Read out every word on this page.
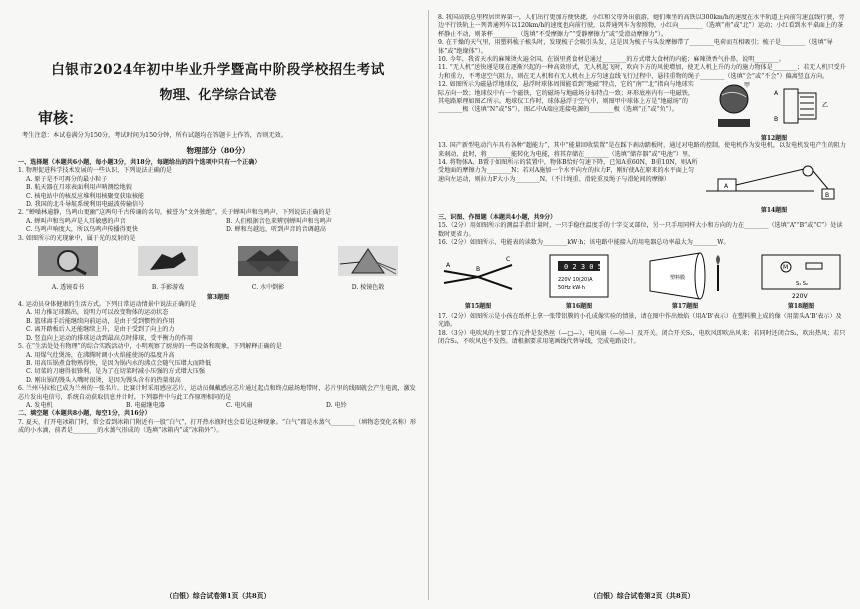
白银市2024年初中毕业升学暨高中阶段学校招生考试
物理、化学综合试卷
审核：
考生注意：本试卷满分为150分，考试时间为150分钟，所有试题均在答题卡上作答，否则无效。
物理部分（80分）

一、选择题（本题共6小题，每小题3分，共18分，每题给出的四个选项中只有一个正确）

1. 物理促进科学技术发展的一些认识，下列说法正确的是

A. 原子是不可再分的最小粒子

B. 航天器在月球表面利用声呐测绘地貌

C. 核电站中的核反应堆利用核聚变获取核能

D. 我国的北斗导航系统利用电磁波传输信号

2. “蝉噪林逾静，鸟鸣山更幽”这两句千古传诵的名句，被誉为“文外独绝”。关于蝉叫声和鸟鸣声，下列说法正确的是

A. 蝉叫声和鸟鸣声是人耳敏感的声音	B. 人们根据音色来辨别蝉叫声和鸟鸣声
C. 鸟鸣声响度大，所以鸟鸣声传播得更快	D. 蝉和鸟越远，听到声音的音调越高

3. 如图所示的光现象中，属于光的反射的是

A. 透镜看书	B. 手影游戏	C. 水中倒影	D. 棱镜色散
第3题图

4. 运动员身体健康的生活方式。下列日常运动情景中说法正确的是

A. 用力推足球踢出，说明力可以改变物体的运动状态

B. 篮球离手后能继续向前运动，是由于受到惯性的作用

C. 离开踏板后人还能继续上升，是由于受到了向上的力

D. 竖直向上运动的排球运动到最高点时排球，受平衡力的作用

5. 在“生活处处有物理”的综合实践活动中，小明观察了厨房的一些设备和现象，下列解释正确的是

A. 用煤气灶煲汤，在沸腾时调小火焰能使汤的温度升高

B. 用高压锅煮食物熟得快，是因为锅内水的沸点会随气压增大而降低

C. 切菜的刀磨得很锋利，是为了在切菜时减小压强的方式增大压强

D. 刚出锅的馒头入嘴时很烫，是因为馒头含有的热量很高

6. 兰州马拉松已成为兰州的一张名片。比赛计时采用感应芯片，运动员佩戴感应芯片通过起点和终点磁场地带时，芯片里的线圈就会产生电流，激发芯片发出电信号，系统自动获取信息并计时。下列器件中与此工作原理相同的是

A. 发电机	B. 电磁继电器	C. 电风扇	D. 电铃

二、填空题（本题共8小题，每空1分，共16分）

7. 夏天，打开电冰箱门时，常会看到冰箱门附近有一股“白气”，打开热水瓶时也会看见这种现象。“白气”都是水蒸气________（填物态变化名称）形成的小水滴，前者是________的水蒸气形成的（选填“冰箱内”或“冰箱外”）。

（白银）综合试卷第1页（共8页）

8. 我国高铁总里程居世界第一，人们出行更加方便快捷，小红和父母外出旅游，她们乘坐的高铁以300km/h的速度在水平轨道上向前匀速直线行驶，旁边平行铁轨上一列普通列车以120km/h的速度也向前行驶，以普通列车为参照物，小红向________（选填“南”或“北”）运动；小红看到水平桌面上的茶杯静止不动，则茶杯________（选填“不受摩擦力”“受静摩擦力”或“受滑动摩擦力”）。

9. 在干燥的天气里，用塑料梳子梳头时，发现梳子会吸引头发，这是因为梳子与头发摩擦带了________电荷而互相吸引；梳子是________（选填“导体”或“绝缘体”）。

10. 今年，我省天水的麻辣烫火遍全国。在锅里煮食材是通过________的方式增大食材的内能；麻辣烫香气扑鼻，说明________。

11. “无人机”送快递是现在逐渐兴起的一种高效形式，无人机起飞时，吹向下方的风使增加，使无人机上升的力的施力物体是________；若无人机只受升力和重力，不考虑空气阻力，则在无人机和有无人机右上方匀速直线飞行过程中，悬挂重物的绳子________（选填“会”或“不会”）偏离竖直方向。

12. 如图所示为磁悬浮地球仪，悬浮时球体周围能看到“地磁”特点，它的“南”“北”指向与地球实际方向一致；地球仪中有一个磁铁，它的磁场与地磁场分布特点一致；环形底座内有一电磁铁，其电路原理如图乙所示。地球仪工作时，球体悬浮于空气中，则图甲中球体上方是“地磁场”的________极（选填“N”或“S”），图乙中A端应连接电源的________极（选填“正”或“负”）。

A
B
甲
乙
第12题图

13. 国产新型电动汽车具有各种“超能力”，其中“能量回收装置”是在踩下刹动踏板时，通过对电路的控制，使电机作为发电机，以发电机发电产生的阻力来刹动，此时，将________能转化为电能，将其存储在________（选填“储存器”或“电池”）里。

14. 将物体A、B置于如图所示的装置中，物体B恰好匀速下降，已知A重60N，B重10N，则A所受地面的摩擦力为________N；若对A施加一个水平向左的拉力F，刚好使A在原来的水平面上匀速向左运动，则拉力F大小为________N。（不计绳重、滑轮重及绳子与滑轮间的摩擦）

A
B
第14题图

三、识图、作图题（本题共4小题，共9分）

15.（2分）用如图所示的测温手指计量时，一只手稳住温度手的十字交叉部位，另一只手用同样大小和方向的力在________（选填“A”“B”或“C”）处读数时更省力。

16.（2分）如图所示，电能表的读数为________kW·h；该电路中能接入的用电器总功率最大为________W。

A
B
C
第15题图
0 2 3 0 5
220V 10(20)A
50Hz kW·h
第16题图
塑料膜
第17题图
M
S₁ S₂
220V
第18题图

17.（2分）如图所示是小孩在纸杯上拿一张带铝膜的小孔成像实验的情景，请在图中作出烛焰（用A'B'表示）在塑料膜上成的像（用箭头A'B'表示）及光路。

18.（3分）电吹风的主要工作元件是发热丝（—□—）、电风扇（—Ⓜ—）及开关。闭合开关S₁，电吹风即吹出风来；若同时还闭合S₂，吹出热风；若只闭合S₂，不吹风也不发热。请根据要求用笔画线代替导线，完成电路设计。

（白银）综合试卷第2页（共8页）
